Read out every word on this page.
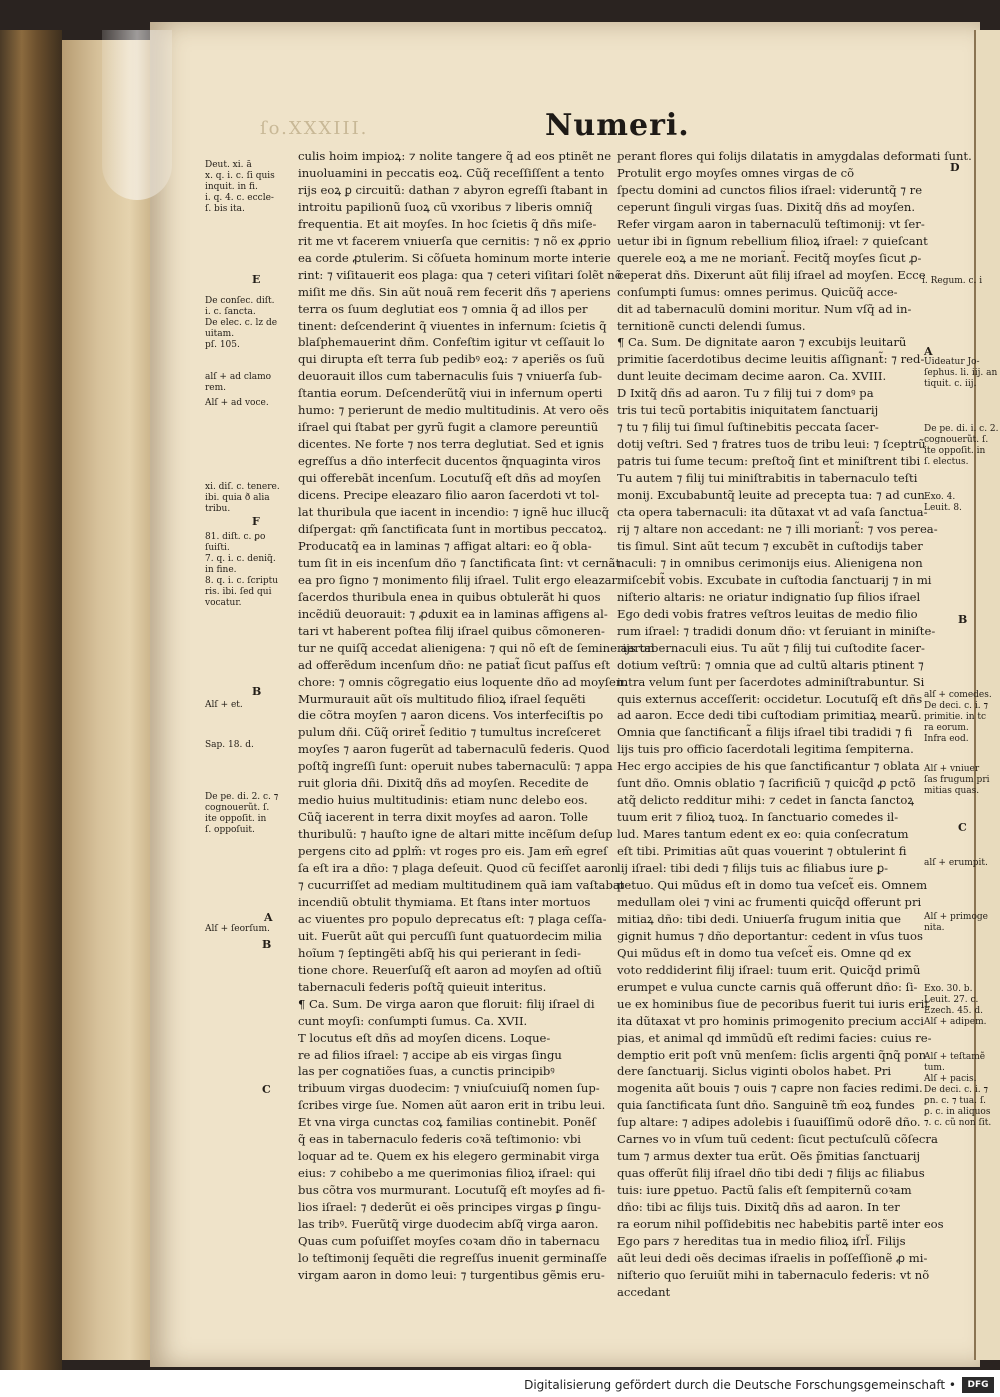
ſo.XXXIII.	Numeri.

culis hoim impioꝝ: ⁊ nolite tangere q̃ ad eos ptinẽt ne

inuoluamini in peccatis eoꝝ. Cũq̃ receſſiſſent a tento

rijs eoꝝ ꝑ circuitũ: dathan ⁊ abyron egreſſi ſtabant in

introitu papilionũ ſuoꝝ cũ vxoribus ⁊ liberis omniq̃

frequentia. Et ait moyſes. In hoc ſcietis q̃ dñs miſe-

rit me vt facerem vniuerſa que cernitis: ⁊ nõ ex ꝓprio

ea corde ꝓtulerim. Si cõſueta hominum morte interie

rint: ⁊ viſitauerit eos plaga: qua ⁊ ceteri viſitari ſolẽt nõ

miſit me dñs. Sin aũt nouã rem fecerit dñs ⁊ aperiens

terra os ſuum deglutiat eos ⁊ omnia q̃ ad illos per

tinent: deſcenderint q̃ viuentes in infernum: ſcietis q̃

blaſphemauerint dñm. Confeſtim igitur vt ceſſauit lo

qui dirupta eſt terra ſub pedibꝰ eoꝝ: ⁊ aperiẽs os ſuũ

deuorauit illos cum tabernaculis ſuis ⁊ vniuerſa ſub-

ſtantia eorum. Deſcenderũtq̃ viui in infernum operti

humo: ⁊ perierunt de medio multitudinis. At vero oẽs

iſrael qui ſtabat per gyrũ fugit a clamore pereuntiũ

dicentes. Ne forte ⁊ nos terra deglutiat. Sed et ignis

egreſſus a dño interfecit ducentos q̃nquaginta viros

qui offerebãt incenſum. Locutuſq̃ eſt dñs ad moyſen

dicens. Precipe eleazaro filio aaron ſacerdoti vt tol-

lat thuribula que iacent in incendio: ⁊ ignẽ huc illucq̃

diſpergat: qm̃ ſanctificata ſunt in mortibus peccatoꝝ.

Producatq̃ ea in laminas ⁊ affigat altari: eo q̃ obla-

tum ſit in eis incenſum dño ⁊ ſanctificata ſint: vt cernãt

ea pro ſigno ⁊ monimento filij iſrael. Tulit ergo eleazar

ſacerdos thuribula enea in quibus obtulerãt hi quos

incẽdiũ deuorauit: ⁊ ꝓduxit ea in laminas affigens al-

tari vt haberent poſtea filij iſrael quibus cõmoneren-

tur ne quiſq̃ accedat alienigena: ⁊ qui nõ eſt de ſemine aaron

ad offerẽdum incenſum dño: ne patiat̃ ſicut paſſus eſt

chore: ⁊ omnis cõgregatio eius loquente dño ad moyſen.

Murmurauit aũt oĩs multitudo filioꝝ iſrael ſequẽti

die cõtra moyſen ⁊ aaron dicens. Vos interfeciſtis po

pulum dñi. Cũq̃ oriret̃ ſeditio ⁊ tumultus increſceret

moyſes ⁊ aaron fugerũt ad tabernaculũ federis. Quod

poſtq̃ ingreſſi ſunt: operuit nubes tabernaculũ: ⁊ appa

ruit gloria dñi. Dixitq̃ dñs ad moyſen. Recedite de

medio huius multitudinis: etiam nunc delebo eos.

Cũq̃ iacerent in terra dixit moyſes ad aaron. Tolle

thuribulũ: ⁊ hauſto igne de altari mitte incẽſum deſup

pergens cito ad ꝑplm̃: vt roges pro eis. Jam em̃ egreſ

ſa eſt ira a dño: ⁊ plaga deſeuit. Quod cũ feciſſet aaron

⁊ cucurriſſet ad mediam multitudinem quã iam vaſtabat

incendiũ obtulit thymiama. Et ſtans inter mortuos

ac viuentes pro populo deprecatus eſt: ⁊ plaga ceſſa-

uit. Fuerũt aũt qui percuſſi ſunt quatuordecim milia

hoĩum ⁊ ſeptingẽti abſq̃ his qui perierant in ſedi-

tione chore. Reuerſuſq̃ eſt aaron ad moyſen ad oſtiũ

tabernaculi federis poſtq̃ quieuit interitus.

¶ Ca. Sum. De virga aaron que floruit: filij iſrael di

cunt moyſi: conſumpti ſumus. Ca. XVII.

T locutus eſt dñs ad moyſen dicens. Loque-

re ad filios iſrael: ⁊ accipe ab eis virgas ſingu

las per cognatiões ſuas, a cunctis principibꝰ

tribuum virgas duodecim: ⁊ vniuſcuiuſq̃ nomen ſup-

ſcribes virge ſue. Nomen aũt aaron erit in tribu leui.

Et vna virga cunctas coꝝ familias continebit. Ponẽſ

q̃ eas in tabernaculo federis coꝛã teſtimonio: vbi

loquar ad te. Quem ex his elegero germinabit virga

eius: ⁊ cohibebo a me querimonias filioꝝ iſrael: qui

bus cõtra vos murmurant. Locutuſq̃ eſt moyſes ad fi-

lios iſrael: ⁊ dederũt ei oẽs principes virgas ꝑ ſingu-

las tribꝰ. Fuerũtq̃ virge duodecim abſq̃ virga aaron.

Quas cum poſuiſſet moyſes coꝛam dño in tabernacu

lo teſtimonij ſequẽti die regreſſus inuenit germinaſſe

virgam aaron in domo leui: ⁊ turgentibus gẽmis eru-

perant flores qui folijs dilatatis in amygdalas deformati ſunt.

Protulit ergo moyſes omnes virgas de cõ

ſpectu domini ad cunctos filios iſrael: videruntq̃ ⁊ re

ceperunt ſinguli virgas ſuas. Dixitq̃ dñs ad moyſen.

Refer virgam aaron in tabernaculũ teſtimonij: vt ſer-

uetur ibi in ſignum rebellium filioꝝ iſrael: ⁊ quieſcant

querele eoꝝ a me ne moriant̃. Fecitq̃ moyſes ſicut ꝓ-

ceperat dñs. Dixerunt aũt filij iſrael ad moyſen. Ecce

conſumpti ſumus: omnes perimus. Quicũq̃ acce-

dit ad tabernaculũ domini moritur. Num vſq̃ ad in-

ternitionẽ cuncti delendi ſumus.

¶ Ca. Sum. De dignitate aaron ⁊ excubijs leuitarũ

primitie ſacerdotibus decime leuitis aſſignant̃: ⁊ red-

dunt leuite decimam decime aaron. Ca. XVIII.

D Ixitq̃ dñs ad aaron. Tu ⁊ filij tui ⁊ domꝰ pa

tris tui tecũ portabitis iniquitatem ſanctuarij

⁊ tu ⁊ filij tui ſimul ſuſtinebitis peccata ſacer-

dotij veſtri. Sed ⁊ fratres tuos de tribu leui: ⁊ ſceptrũ

patris tui ſume tecum: preſtoq̃ ſint et miniſtrent tibi

Tu autem ⁊ filij tui miniſtrabitis in tabernaculo teſti

monij. Excubabuntq̃ leuite ad precepta tua: ⁊ ad cun

cta opera tabernaculi: ita dũtaxat vt ad vaſa ſanctua-

rij ⁊ altare non accedant: ne ⁊ illi moriant̃: ⁊ vos perea-

tis ſimul. Sint aũt tecum ⁊ excubẽt in cuſtodijs taber

naculi: ⁊ in omnibus cerimonijs eius. Alienigena non

miſcebit̃ vobis. Excubate in cuſtodia ſanctuarij ⁊ in mi

niſterio altaris: ne oriatur indignatio ſup filios iſrael

Ego dedi vobis fratres veſtros leuitas de medio filio

rum iſrael: ⁊ tradidi donum dño: vt ſeruiant in miniſte-

rijs tabernaculi eius. Tu aũt ⁊ filij tui cuſtodite ſacer-

dotium veſtrũ: ⁊ omnia que ad cultũ altaris ptinent ⁊

intra velum ſunt per ſacerdotes adminiſtrabuntur. Si

quis externus acceſſerit: occidetur. Locutuſq̃ eſt dñs

ad aaron. Ecce dedi tibi cuſtodiam primitiaꝝ mearũ.

Omnia que ſanctificant̃ a filijs iſrael tibi tradidi ⁊ fi

lijs tuis pro officio ſacerdotali legitima ſempiterna.

Hec ergo accipies de his que ſanctificantur ⁊ oblata

ſunt dño. Omnis oblatio ⁊ ſacrificiũ ⁊ quicq̃d ꝓ pctõ

atq̃ delicto redditur mihi: ⁊ cedet in ſancta ſanctoꝝ

tuum erit ⁊ filioꝝ tuoꝝ. In ſanctuario comedes il-

lud. Mares tantum edent ex eo: quia conſecratum

eſt tibi. Primitias aũt quas vouerint ⁊ obtulerint fi

lij iſrael: tibi dedi ⁊ filijs tuis ac filiabus iure ꝑ-

petuo. Qui mũdus eſt in domo tua veſcet̃ eis. Omnem

medullam olei ⁊ vini ac frumenti quicq̃d offerunt pri

mitiaꝝ dño: tibi dedi. Uniuerſa frugum initia que

gignit humus ⁊ dño deportantur: cedent in vſus tuos

Qui mũdus eſt in domo tua veſcet̃ eis. Omne qd ex

voto reddiderint filij iſrael: tuum erit. Quicq̃d primũ

erumpet e vulua cuncte carnis quã offerunt dño: ſi-

ue ex hominibus ſiue de pecoribus fuerit tui iuris erit

ita dũtaxat vt pro hominis primogenito precium acci

pias, et animal qd immũdũ eſt redimi facies: cuius re-

demptio erit poſt vnũ menſem: ſiclis argenti q̃nq̃ pon

dere ſanctuarij. Siclus viginti obolos habet. Pri

mogenita aũt bouis ⁊ ouis ⁊ capre non facies redimi.

quia ſanctificata ſunt dño. Sanguinẽ tm̃ eoꝝ fundes

ſup altare: ⁊ adipes adolebis i ſuauiſſimũ odorẽ dño.

Carnes vo in vſum tuũ cedent: ſicut pectuſculũ cõſecra

tum ⁊ armus dexter tua erũt. Oẽs p̃mitias ſanctuarij

quas offerũt filij iſrael dño tibi dedi ⁊ filijs ac filiabus

tuis: iure ꝑpetuo. Pactũ ſalis eſt ſempiternũ coꝛam

dño: tibi ac filijs tuis. Dixitq̃ dñs ad aaron. In ter

ra eorum nihil poſſidebitis nec habebitis partẽ inter eos

Ego pars ⁊ hereditas tua in medio filioꝝ iſrl̃. Filijs

aũt leui dedi oẽs decimas iſraelis in poſſeſſionẽ ꝓ mi-

niſterio quo ſeruiũt mihi in tabernaculo federis: vt nõ

accedant

Deut. xi. ā

x. q. i. c. ſi quis

inquit. in fi.

i. q. 4. c. eccle-

ſ. bis ita.

E

De conſec. diſt.

i. c. ſancta.

De elec. c. lz de

uitam.

pſ. 105.

alſ + ad clamo

rem.

Alſ + ad voce.

xi. diſ. c. tenere.

ibi. quia ð alia

tribu.

F

81. diſt. c. ꝑo

ſuiſti.

7. q. i. c. deniq̃.

in fine.

8. q. i. c. ſcriptu

ris. ibi. ſed qui

vocatur.

B

Alſ + et.

Sap. 18. d.

De pe. di. 2. c. ⁊

cognouerũt. ſ.

ite oppoſit. in

ſ. oppoſuit.

A

Alſ + ſeorſum.

B

C

D

i. Regum. c. i

A

Uideatur Jo-

ſephus. li. iij. an

tiquit. c. iij.

De pe. di. i. c. 2.

cognouerũt. ſ.

ite oppoſit. in

ſ. electus.

Exo. 4.

Leuit. 8.

B

alſ + comedes.

De deci. c. i. ⁊

primitie. in tc

ra eorum.

Infra eod.

Alſ + vniuer

ſas frugum pri

mitias quas.

C

alſ + erumpit.

Alſ + primoge

nita.

Exo. 30. b.

Leuit. 27. c.

Ezech. 45. d.

Alſ + adipem.

Alſ + teſtamẽ

tum.

Alſ + pacis.

De deci. c. i. ⁊

ꝑn. c. ⁊ tua. ſ.

ꝑ. c. in aliquos

⁊. c. cũ non ſit.

Digitalisierung gefördert durch die Deutsche Forschungsgemeinschaft •	DFG
